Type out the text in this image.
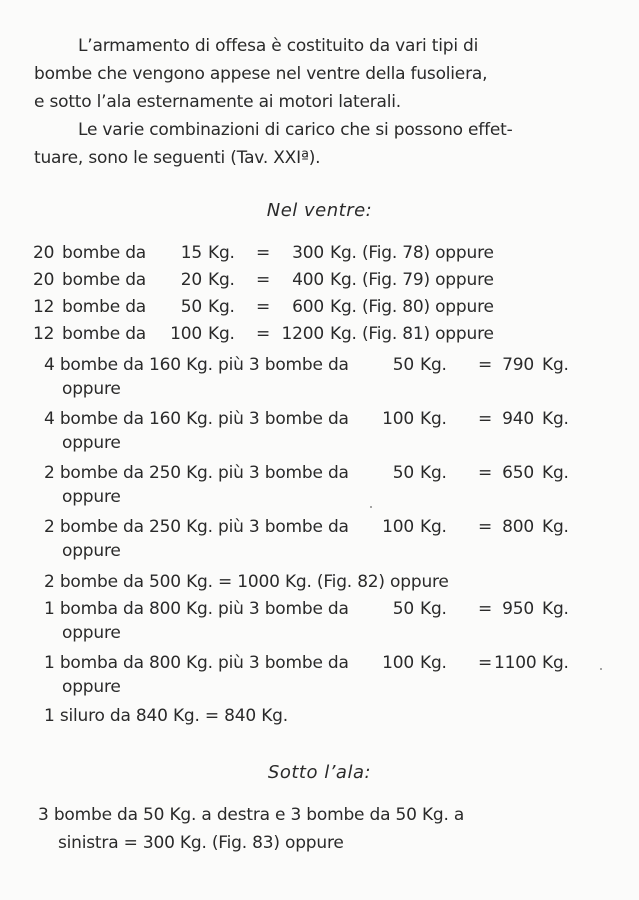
L’armamento di offesa è costituito da vari tipi di
bombe che vengono appese nel ventre della fusoliera,
e sotto l’ala esternamente ai motori laterali.
Le varie combinazioni di carico che si possono effet-
tuare, sono le seguenti (Tav. XXIª).
Nel ventre:
20 bombe da	15 Kg. =	300 Kg. (Fig. 78) oppure
20 bombe da	20 Kg. =	400 Kg. (Fig. 79) oppure
12 bombe da	50 Kg. =	600 Kg. (Fig. 80) oppure
12 bombe da	100 Kg. = 1200 Kg. (Fig. 81) oppure
4 bombe da 160 Kg. più 3 bombe da	50 Kg. = 790 Kg.
oppure
4 bombe da 160 Kg. più 3 bombe da 100 Kg. = 940 Kg.
oppure
2 bombe da 250 Kg. più 3 bombe da	50 Kg. = 650 Kg.
oppure
2 bombe da 250 Kg. più 3 bombe da 100 Kg. = 800 Kg.
oppure
2 bombe da 500 Kg. = 1000 Kg. (Fig. 82) oppure
1 bomba da 800 Kg. più 3 bombe da	50 Kg. = 950 Kg.
oppure
1 bomba da 800 Kg. più 3 bombe da 100 Kg. = 1100 Kg.
oppure
1 siluro da 840 Kg. = 840 Kg.
Sotto l’ala:
3 bombe da 50 Kg. a destra e 3 bombe da 50 Kg. a
sinistra = 300 Kg. (Fig. 83) oppure
